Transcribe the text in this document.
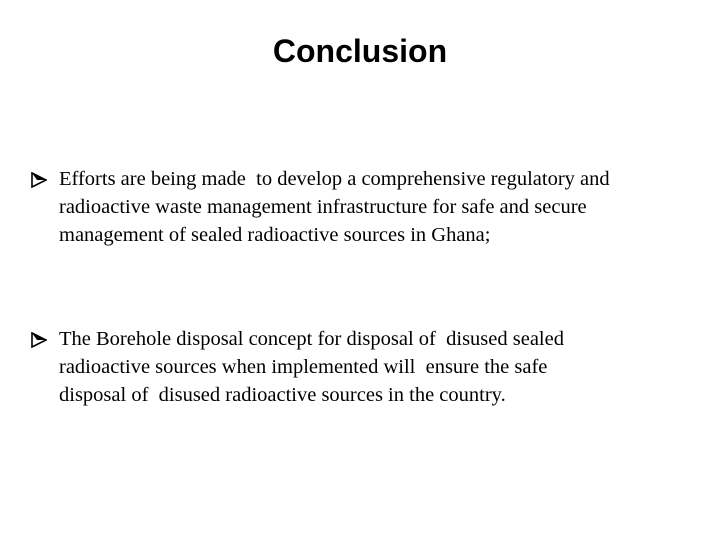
Conclusion
Efforts are being made  to develop a comprehensive regulatory and
radioactive waste management infrastructure for safe and secure
management of sealed radioactive sources in Ghana;
The Borehole disposal concept for disposal of  disused sealed
radioactive sources when implemented will  ensure the safe
disposal of  disused radioactive sources in the country.
